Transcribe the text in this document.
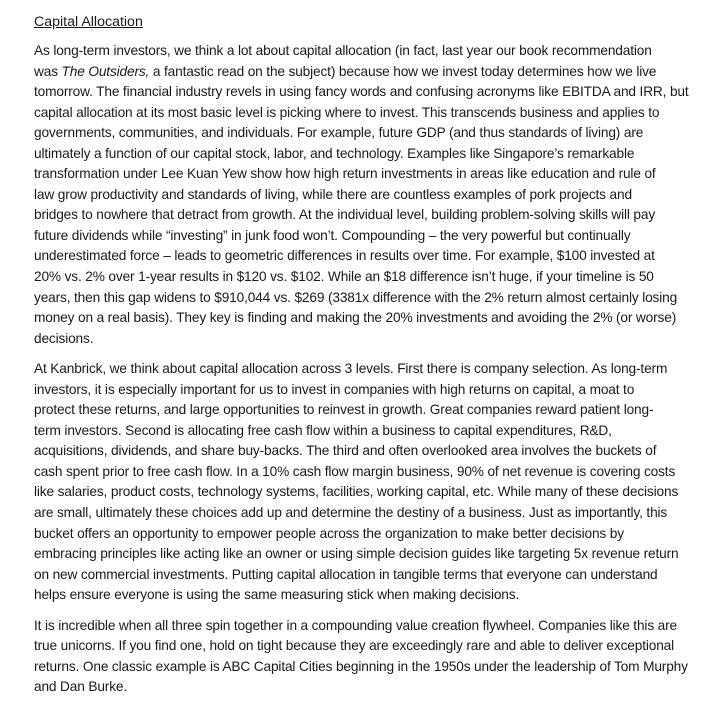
Capital Allocation
As long-term investors, we think a lot about capital allocation (in fact, last year our book recommendation
was The Outsiders, a fantastic read on the subject) because how we invest today determines how we live
tomorrow. The financial industry revels in using fancy words and confusing acronyms like EBITDA and IRR, but
capital allocation at its most basic level is picking where to invest. This transcends business and applies to
governments, communities, and individuals. For example, future GDP (and thus standards of living) are
ultimately a function of our capital stock, labor, and technology. Examples like Singapore’s remarkable
transformation under Lee Kuan Yew show how high return investments in areas like education and rule of
law grow productivity and standards of living, while there are countless examples of pork projects and
bridges to nowhere that detract from growth. At the individual level, building problem-solving skills will pay
future dividends while “investing” in junk food won’t. Compounding – the very powerful but continually
underestimated force – leads to geometric differences in results over time. For example, $100 invested at
20% vs. 2% over 1-year results in $120 vs. $102. While an $18 difference isn’t huge, if your timeline is 50
years, then this gap widens to $910,044 vs. $269 (3381x difference with the 2% return almost certainly losing
money on a real basis). They key is finding and making the 20% investments and avoiding the 2% (or worse)
decisions.
At Kanbrick, we think about capital allocation across 3 levels. First there is company selection. As long-term
investors, it is especially important for us to invest in companies with high returns on capital, a moat to
protect these returns, and large opportunities to reinvest in growth. Great companies reward patient long-
term investors. Second is allocating free cash flow within a business to capital expenditures, R&D,
acquisitions, dividends, and share buy-backs. The third and often overlooked area involves the buckets of
cash spent prior to free cash flow. In a 10% cash flow margin business, 90% of net revenue is covering costs
like salaries, product costs, technology systems, facilities, working capital, etc. While many of these decisions
are small, ultimately these choices add up and determine the destiny of a business. Just as importantly, this
bucket offers an opportunity to empower people across the organization to make better decisions by
embracing principles like acting like an owner or using simple decision guides like targeting 5x revenue return
on new commercial investments. Putting capital allocation in tangible terms that everyone can understand
helps ensure everyone is using the same measuring stick when making decisions.
It is incredible when all three spin together in a compounding value creation flywheel. Companies like this are
true unicorns. If you find one, hold on tight because they are exceedingly rare and able to deliver exceptional
returns. One classic example is ABC Capital Cities beginning in the 1950s under the leadership of Tom Murphy
and Dan Burke.
